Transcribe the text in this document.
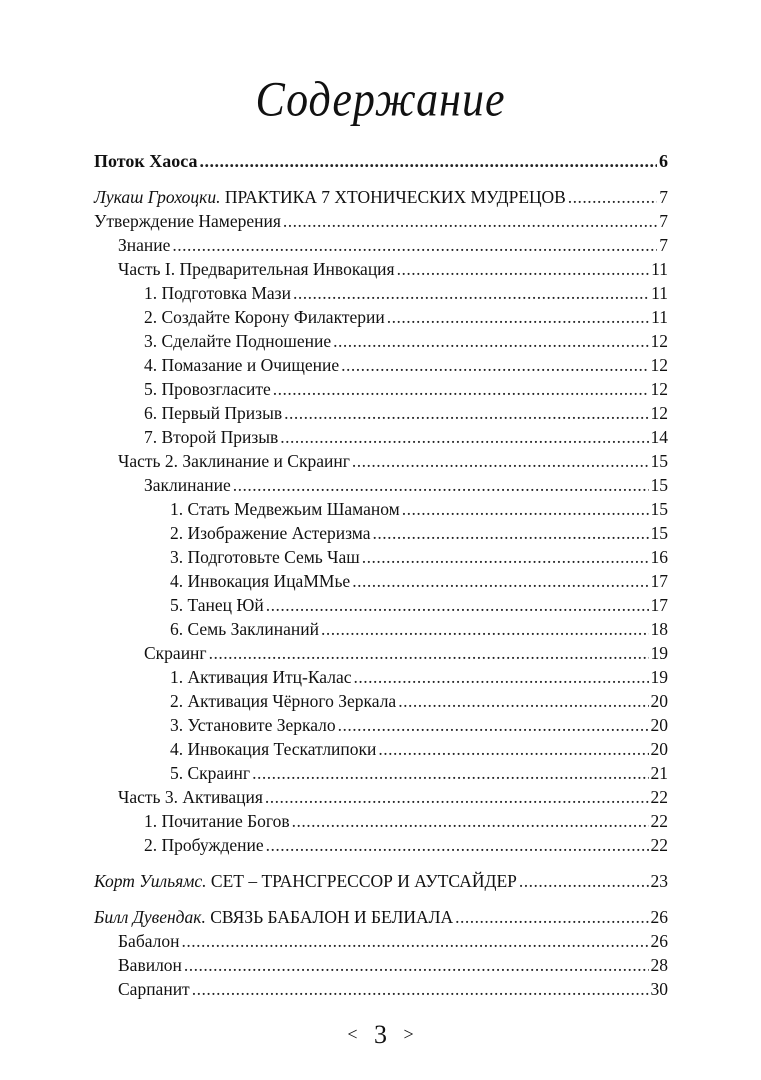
Содержание
Поток Хаоса .....	6
Лукаш Грохоцки. ПРАКТИКА 7 ХТОНИЧЕСКИХ МУДРЕЦОВ .....	7
Утверждение Намерения .....	7
Знание .....	7
Часть I. Предварительная Инвокация .....	11
1. Подготовка Мази .....	11
2. Создайте Корону Филактерии .....	11
3. Сделайте Подношение .....	12
4. Помазание и Очищение .....	12
5. Провозгласите .....	12
6. Первый Призыв .....	12
7. Второй Призыв .....	14
Часть 2. Заклинание и Скраинг .....	15
Заклинание .....	15
1. Стать Медвежьим Шаманом .....	15
2. Изображение Астеризма .....	15
3. Подготовьте Семь Чаш .....	16
4. Инвокация ИцаММье .....	17
5. Танец Юй .....	17
6. Семь Заклинаний .....	18
Скраинг .....	19
1. Активация Итц-Калас .....	19
2. Активация Чёрного Зеркала .....	20
3. Установите Зеркало .....	20
4. Инвокация Тескатлипоки .....	20
5. Скраинг .....	21
Часть 3. Активация .....	22
1. Почитание Богов .....	22
2. Пробуждение .....	22
Корт Уильямс. СЕТ – ТРАНСГРЕССОР И АУТСАЙДЕР .....	23
Билл Дувендак. СВЯЗЬ БАБАЛОН И БЕЛИАЛА .....	26
Бабалон .....	26
Вавилон .....	28
Сарпанит .....	30
< 3 >
